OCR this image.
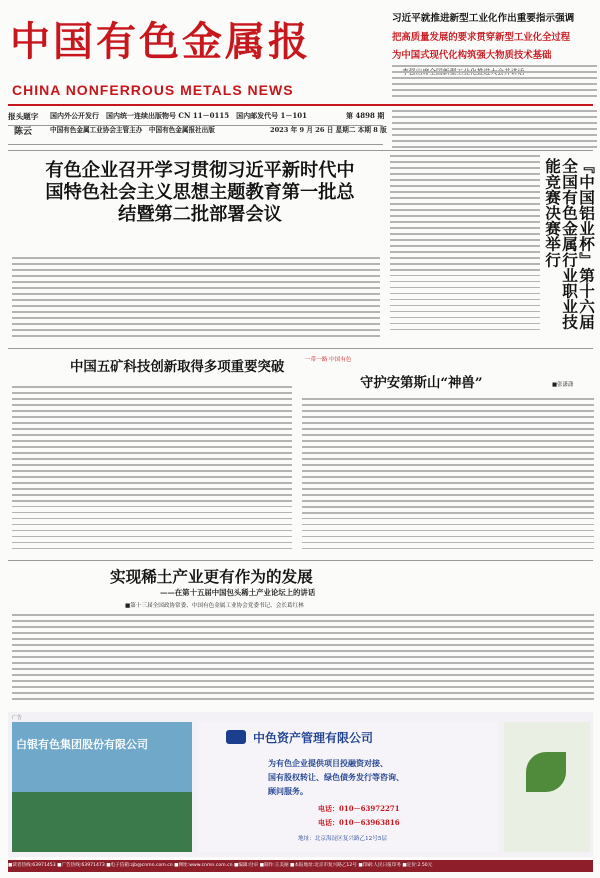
中国有色金属报
CHINA NONFERROUS METALS NEWS
习近平就推进新型工业化作出重要指示强调
把高质量发展的要求贯穿新型工业化全过程
为中国式现代化构筑强大物质技术基础
报头题字
陈云
国内外公开发行　国内统一连续出版物号 CN 11－0115　国内邮发代号 1－101	第 4898 期
中国有色金属工业协会主管主办　中国有色金属报社出版	2023 年 9 月 26 日 星期二 本期 8 版
有色企业召开学习贯彻习近平新时代中国特色社会主义思想主题教育第一批总结暨第二批部署会议	『中国铝业杯』第十六届全国有色金属行业职业技能竞赛决赛举行
中国五矿科技创新取得多项重要突破	一带一路 中国有色
守护安第斯山“神兽”	■张潇潇
实现稀土产业更有作为的发展
——在第十五届中国包头稀土产业论坛上的讲话
■第十三届全国政协常委、中国有色金属工业协会党委书记、会长葛红林
广告
白银有色集团股份有限公司	中色资产管理有限公司
为有色企业提供项目投融资对接、
国有股权转让、绿色债务发行等咨询、
顾问服务。
电话：010－63972271
电话：010－63963816
地址：北京海淀区复兴路乙12号5层
■读者热线:63971453 ■广告热线:63971473 ■电子信箱:zjb@cnmn.com.cn ■网址:www.cnmn.com.cn ■编辑:付卓 ■制作:王美丽 ■本报地址:北京市复兴路乙12号 ■印刷:人民日报印务 ■定价:2.50元
